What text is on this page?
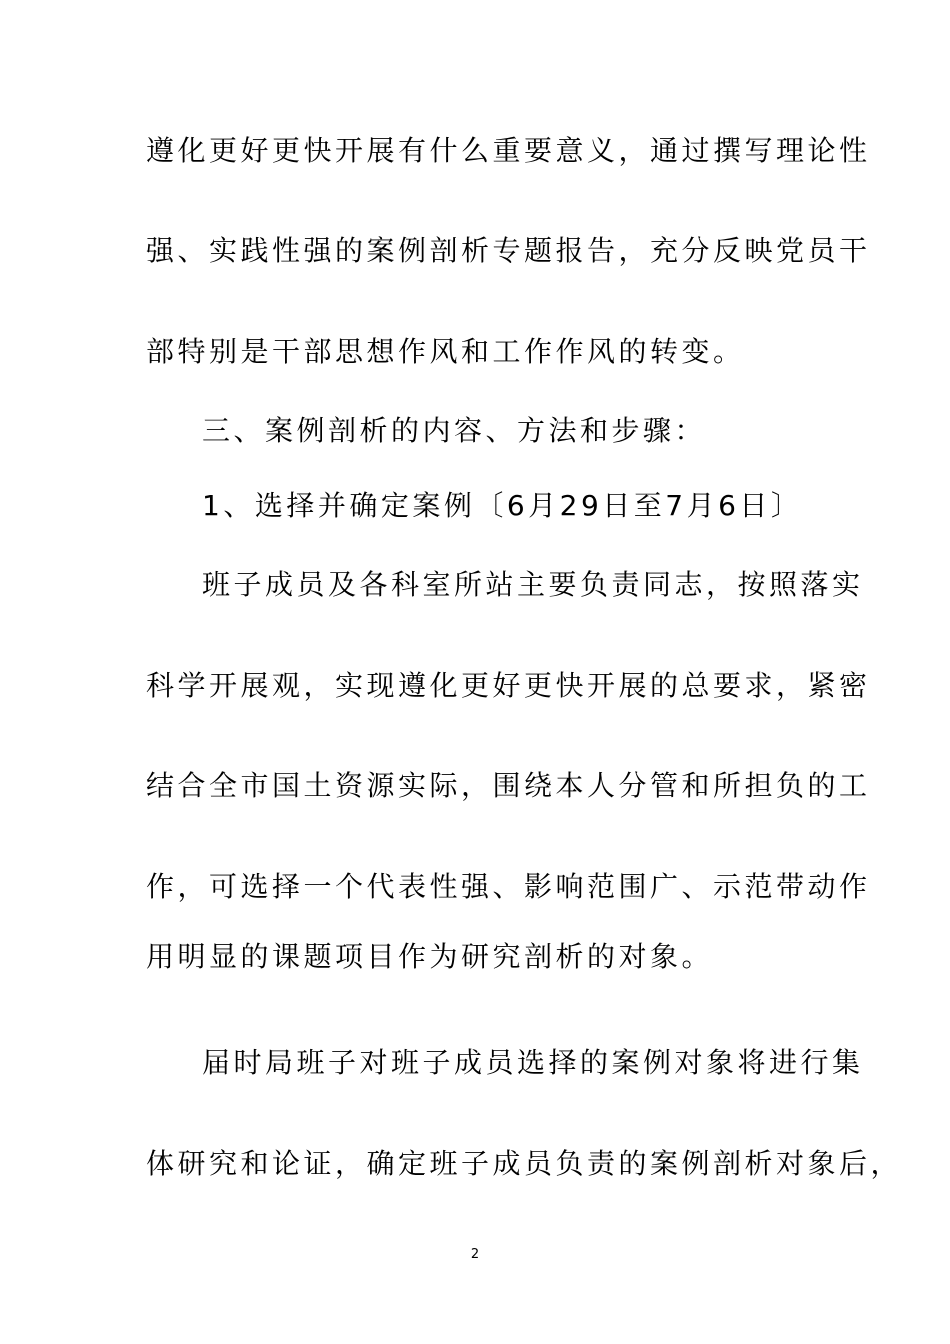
遵化更好更快开展有什么重要意义，通过撰写理论性
强、实践性强的案例剖析专题报告，充分反映党员干
部特别是干部思想作风和工作作风的转变。
三、案例剖析的内容、方法和步骤：
1、选择并确定案例〔6月29日至7月6日〕
班子成员及各科室所站主要负责同志，按照落实
科学开展观，实现遵化更好更快开展的总要求，紧密
结合全市国土资源实际，围绕本人分管和所担负的工
作，可选择一个代表性强、影响范围广、示范带动作
用明显的课题项目作为研究剖析的对象。
届时局班子对班子成员选择的案例对象将进行集
体研究和论证，确定班子成员负责的案例剖析对象后，
2
